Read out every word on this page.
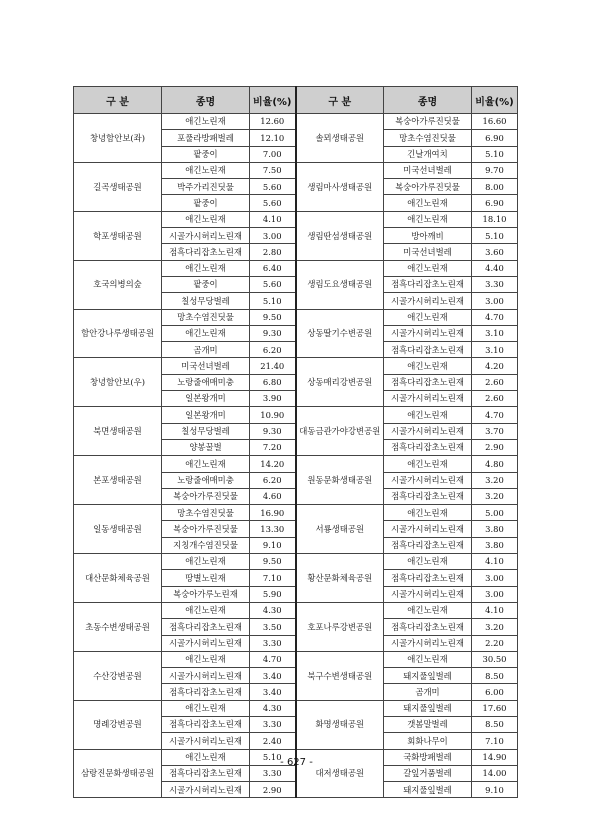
구 분	종명	비율(%)	구 분	종명	비율(%)
창녕함안보(좌)	애긴노린재	12.60	솔뫼생태공원	복숭아가루진딧물	16.60
	포풀라방패벌레	12.10		망초수염진딧물	6.90
	팥중이	7.00		긴날개여치	5.10
길곡생태공원	애긴노린재	7.50	생림마사생태공원	미국선녀벌레	9.70
	박주가리진딧물	5.60		복숭아가루진딧물	8.00
	팥중이	5.60		애긴노린재	6.90
학포생태공원	애긴노린재	4.10	생림딴섬생태공원	애긴노린재	18.10
	시골가시허리노린재	3.00		방아깨비	5.10
	점흑다리잡초노린재	2.80		미국선녀벌레	3.60
호국의병의숲	애긴노린재	6.40	생림도요생태공원	애긴노린재	4.40
	팥중이	5.60		점흑다리잡초노린재	3.30
	칠성무당벌레	5.10		시골가시허리노린재	3.00
함안강나루생태공원	망초수염진딧물	9.50	상동딸기수변공원	애긴노린재	4.70
	애긴노린재	9.30		시골가시허리노린재	3.10
	곰개미	6.20		점흑다리잡초노린재	3.10
창녕함안보(우)	미국선녀벌레	21.40	상동매리강변공원	애긴노린재	4.20
	노랑줄애매미충	6.80		점흑다리잡초노린재	2.60
	일본왕개미	3.90		시골가시허리노린재	2.60
북면생태공원	일본왕개미	10.90	대동금관가야강변공원	애긴노린재	4.70
	칠성무당벌레	9.30		시골가시허리노린재	3.70
	양봉꿀벌	7.20		점흑다리잡초노린재	2.90
본포생태공원	애긴노린재	14.20	원동문화생태공원	애긴노린재	4.80
	노랑줄애매미충	6.20		시골가시허리노린재	3.20
	복숭아가루진딧물	4.60		점흑다리잡초노린재	3.20
일동생태공원	망초수염진딧물	16.90	서룡생태공원	애긴노린재	5.00
	복숭아가루진딧물	13.30		시골가시허리노린재	3.80
	지칭개수염진딧물	9.10		점흑다리잡초노린재	3.80
대산문화체육공원	애긴노린재	9.50	황산문화체육공원	애긴노린재	4.10
	땅별노린재	7.10		점흑다리잡초노린재	3.00
	복숭아가루노린재	5.90		시골가시허리노린재	3.00
초동수변생태공원	애긴노린재	4.30	호포나루강변공원	애긴노린재	4.10
	점흑다리잡초노린재	3.50		점흑다리잡초노린재	3.20
	시골가시허리노린재	3.30		시골가시허리노린재	2.20
수산강변공원	애긴노린재	4.70	북구수변생태공원	애긴노린재	30.50
	시골가시허리노린재	3.40		돼지풀잎벌레	8.50
	점흑다리잡초노린재	3.40		곰개미	6.00
명례강변공원	애긴노린재	4.30	화명생태공원	돼지풀잎벌레	17.60
	점흑다리잡초노린재	3.30		갯봄말벌레	8.50
	시골가시허리노린재	2.40		회화나무이	7.10
삼랑진문화생태공원	애긴노린재	5.10	대저생태공원	국화방패벌레	14.90
	점흑다리잡초노린재	3.30		갈잎거품벌레	14.00
	시골가시허리노린재	2.90		돼지풀잎벌레	9.10
- 627 -
